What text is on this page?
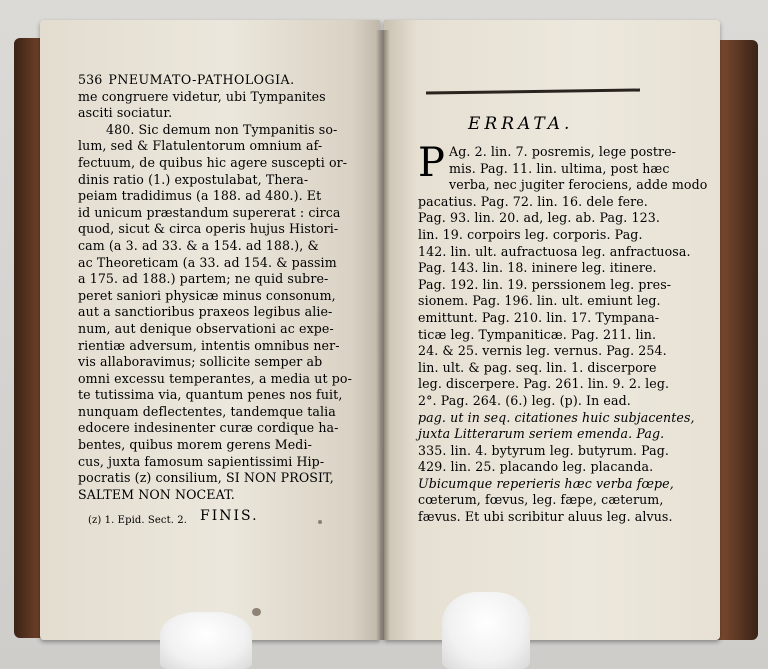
536 PNEUMATO-PATHOLOGIA.
me congruere videtur, ubi Tympanites
asciti sociatur.
480. Sic demum non Tympanitis so-
lum, sed & Flatulentorum omnium af-
fectuum, de quibus hic agere suscepti or-
dinis ratio (1.) expostulabat, Thera-
peiam tradidimus (a 188. ad 480.). Et
id unicum præstandum supererat : circa
quod, sicut & circa operis hujus Histori-
cam (a 3. ad 33. & a 154. ad 188.), &
ac Theoreticam (a 33. ad 154. & passim
a 175. ad 188.) partem; ne quid subre-
peret saniori physicæ minus consonum,
aut a sanctioribus praxeos legibus alie-
num, aut denique observationi ac expe-
rientiæ adversum, intentis omnibus ner-
vis allaboravimus; sollicite semper ab
omni excessu temperantes, a media ut po-
te tutissima via, quantum penes nos fuit,
nunquam deflectentes, tandemque talia
edocere indesinenter curæ cordique ha-
bentes, quibus morem gerens Medi-
cus, juxta famosum sapientissimi Hip-
pocratis (z) consilium, SI NON PROSIT,
SALTEM NON NOCEAT.
(z) 1. Epid. Sect. 2. FINIS.
ERRATA.
P Ag. 2. lin. 7. posremis, lege postre-
mis. Pag. 11. lin. ultima, post hæc
verba, nec jugiter ferociens, adde modo
pacatius. Pag. 72. lin. 16. dele fere.
Pag. 93. lin. 20. ad, leg. ab. Pag. 123.
lin. 19. corpoirs leg. corporis. Pag.
142. lin. ult. aufractuosa leg. anfractuosa.
Pag. 143. lin. 18. ininere leg. itinere.
Pag. 192. lin. 19. perssionem leg. pres-
sionem. Pag. 196. lin. ult. emiunt leg.
emittunt. Pag. 210. lin. 17. Tympana-
ticæ leg. Tympaniticæ. Pag. 211. lin.
24. & 25. vernis leg. vernus. Pag. 254.
lin. ult. & pag. seq. lin. 1. discerpore
leg. discerpere. Pag. 261. lin. 9. 2. leg.
2°. Pag. 264. (6.) leg. (p). In ead.
pag. ut in seq. citationes huic subjacentes,
juxta Litterarum seriem emenda. Pag.
335. lin. 4. bytyrum leg. butyrum. Pag.
429. lin. 25. placando leg. placanda.
Ubicumque reperieris hæc verba fœpe,
cœterum, fœvus, leg. fæpe, cæterum,
fævus. Et ubi scribitur aluus leg. alvus.
